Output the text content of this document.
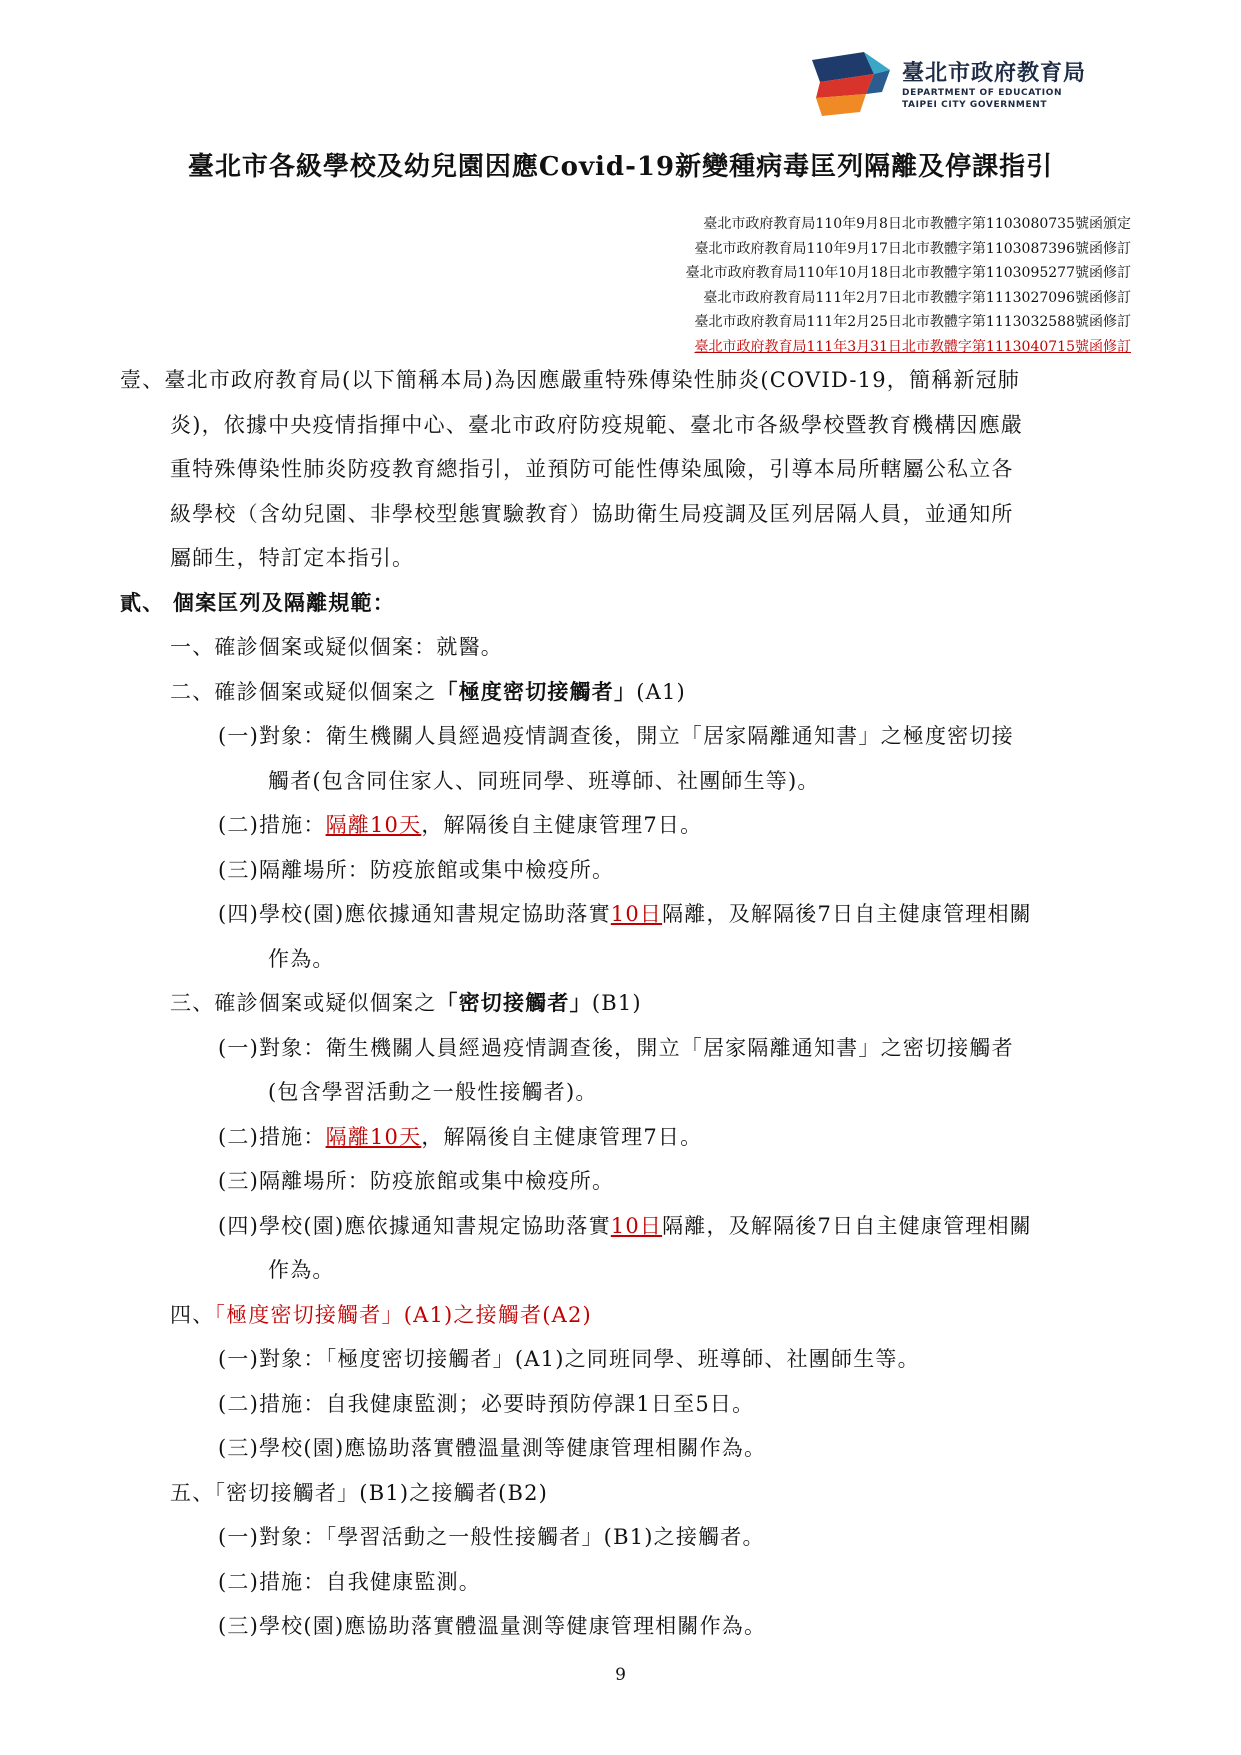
臺北市政府教育局
DEPARTMENT OF EDUCATION
TAIPEI CITY GOVERNMENT
臺北市各級學校及幼兒園因應Covid-19新變種病毒匡列隔離及停課指引
臺北市政府教育局110年9月8日北市教體字第1103080735號函頒定
臺北市政府教育局110年9月17日北市教體字第1103087396號函修訂
臺北市政府教育局110年10月18日北市教體字第1103095277號函修訂
臺北市政府教育局111年2月7日北市教體字第1113027096號函修訂
臺北市政府教育局111年2月25日北市教體字第1113032588號函修訂
臺北市政府教育局111年3月31日北市教體字第1113040715號函修訂
壹、臺北市政府教育局(以下簡稱本局)為因應嚴重特殊傳染性肺炎(COVID-19，簡稱新冠肺
炎)，依據中央疫情指揮中心、臺北市政府防疫規範、臺北市各級學校暨教育機構因應嚴
重特殊傳染性肺炎防疫教育總指引，並預防可能性傳染風險，引導本局所轄屬公私立各
級學校（含幼兒園、非學校型態實驗教育）協助衛生局疫調及匡列居隔人員，並通知所
屬師生，特訂定本指引。
貳、 個案匡列及隔離規範：
一、確診個案或疑似個案：就醫。
二、確診個案或疑似個案之「極度密切接觸者」(A1)
(一)對象：衛生機關人員經過疫情調查後，開立「居家隔離通知書」之極度密切接
觸者(包含同住家人、同班同學、班導師、社團師生等)。
(二)措施：隔離10天，解隔後自主健康管理7日。
(三)隔離場所：防疫旅館或集中檢疫所。
(四)學校(園)應依據通知書規定協助落實10日隔離，及解隔後7日自主健康管理相關
作為。
三、確診個案或疑似個案之「密切接觸者」(B1)
(一)對象：衛生機關人員經過疫情調查後，開立「居家隔離通知書」之密切接觸者
(包含學習活動之一般性接觸者)。
(二)措施：隔離10天，解隔後自主健康管理7日。
(三)隔離場所：防疫旅館或集中檢疫所。
(四)學校(園)應依據通知書規定協助落實10日隔離，及解隔後7日自主健康管理相關
作為。
四、「極度密切接觸者」(A1)之接觸者(A2)
(一)對象：「極度密切接觸者」(A1)之同班同學、班導師、社團師生等。
(二)措施：自我健康監測；必要時預防停課1日至5日。
(三)學校(園)應協助落實體溫量測等健康管理相關作為。
五、「密切接觸者」(B1)之接觸者(B2)
(一)對象：「學習活動之一般性接觸者」(B1)之接觸者。
(二)措施：自我健康監測。
(三)學校(園)應協助落實體溫量測等健康管理相關作為。
9
